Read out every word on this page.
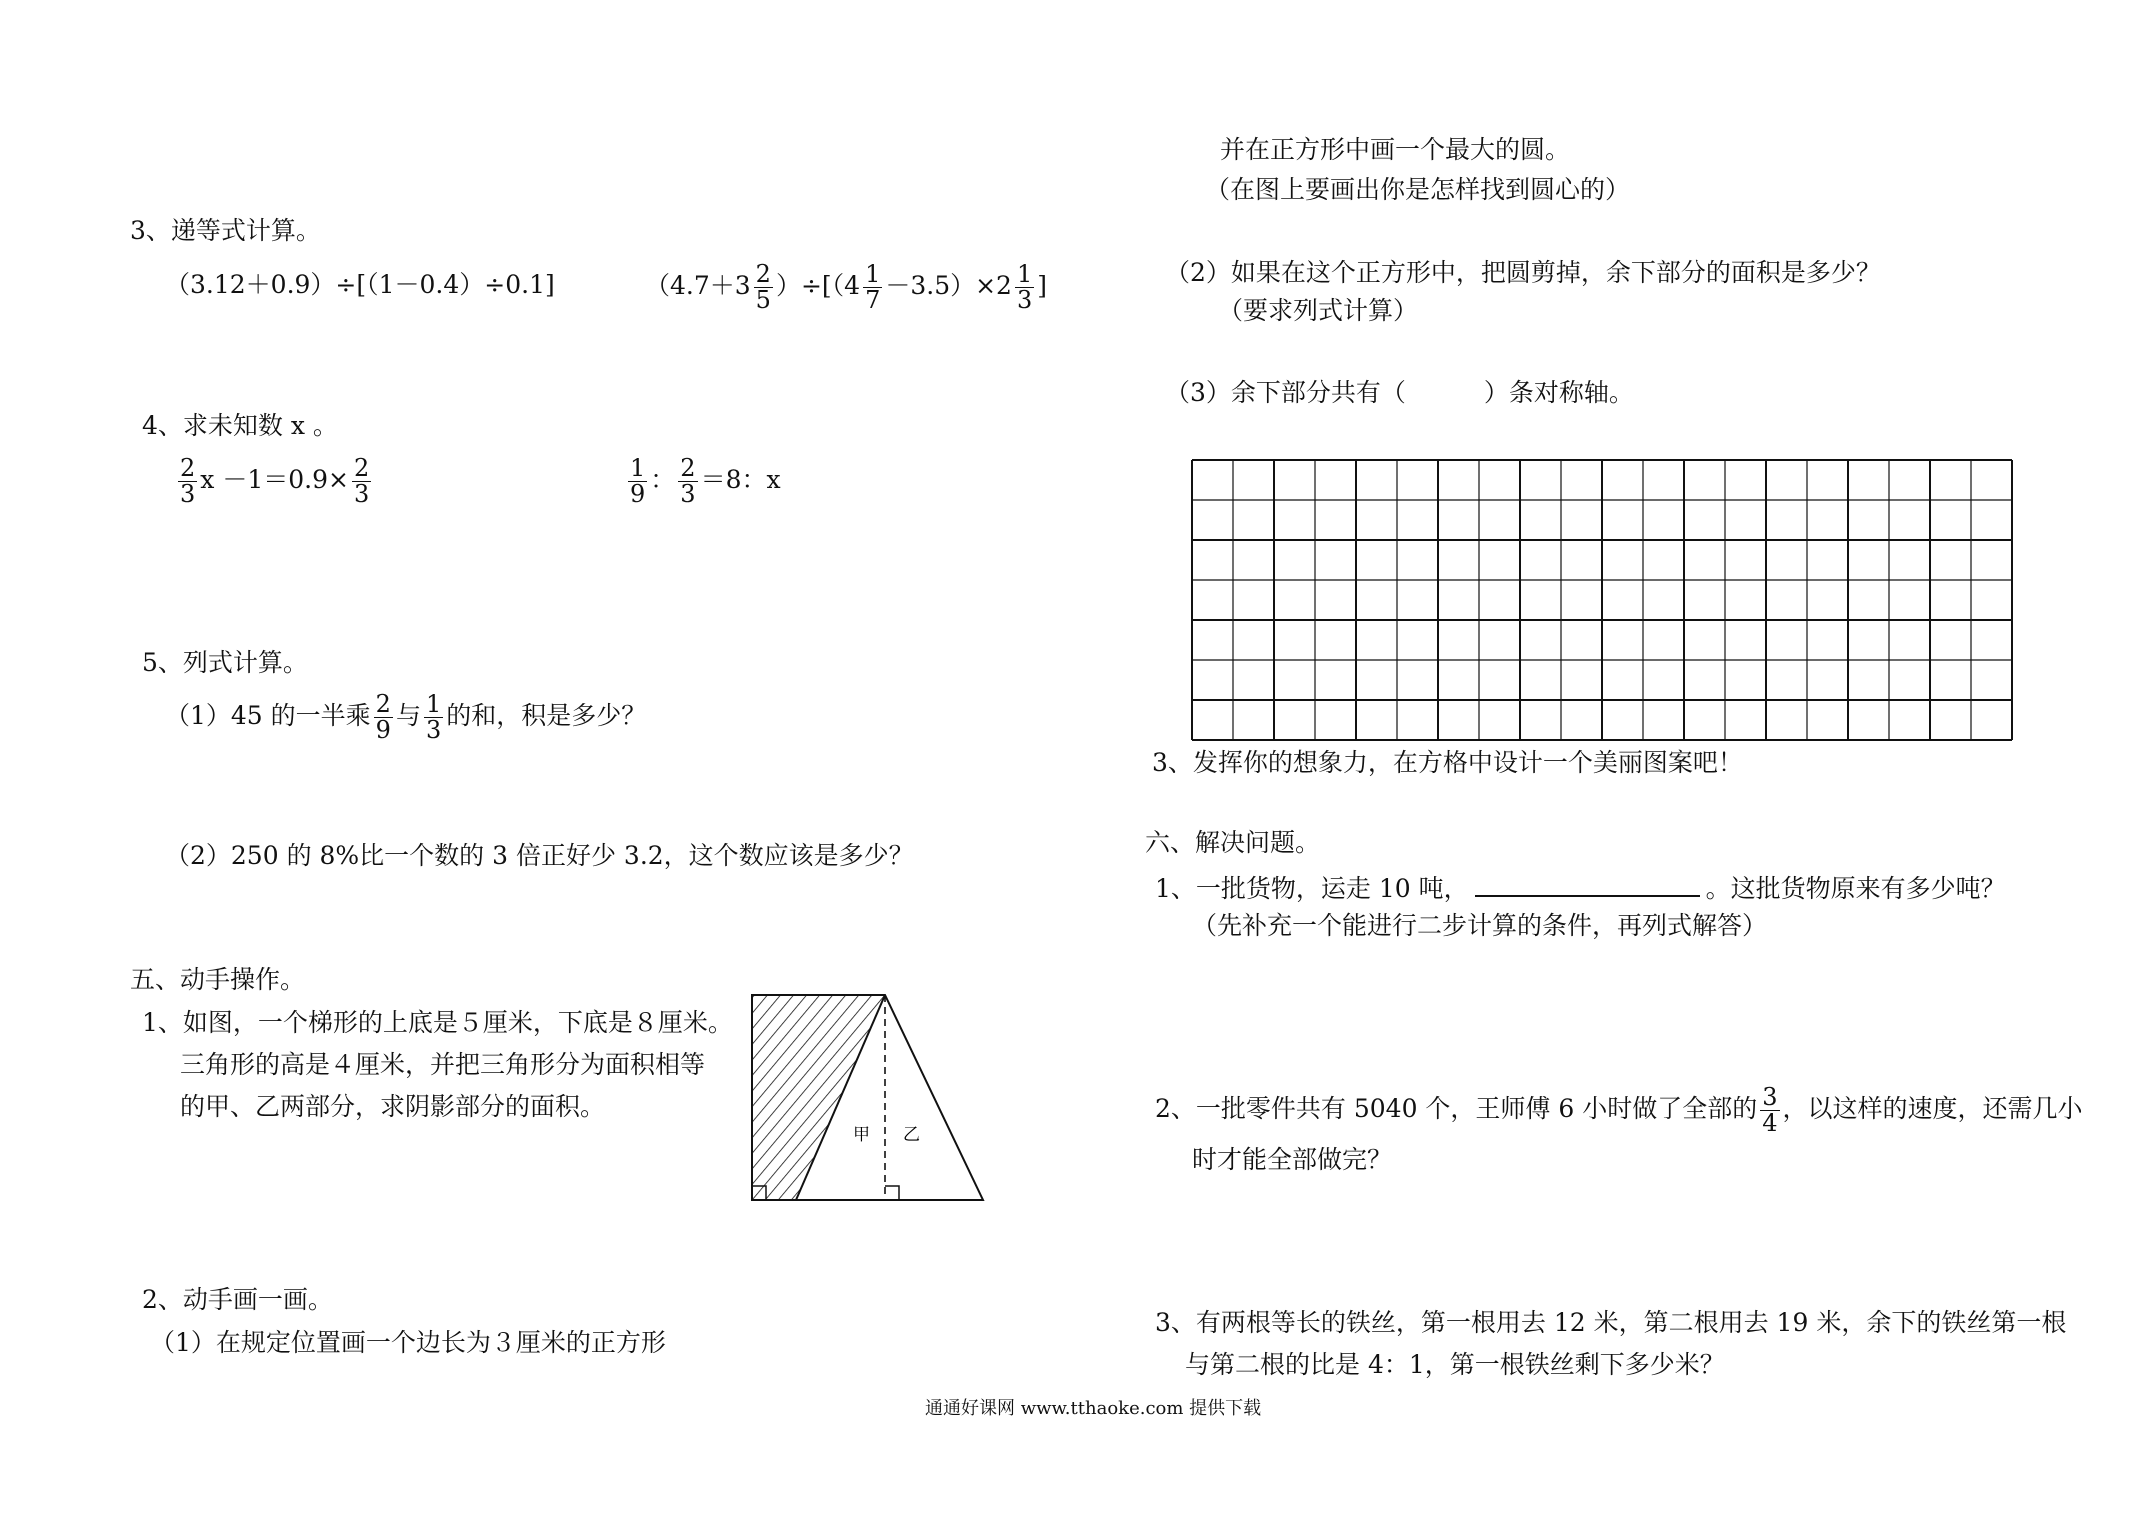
3、递等式计算。
（3.12＋0.9）÷[（1－0.4）÷0.1]	$(4.7+3 \frac{2}{5} )\div[(4 \frac{1}{7} -3.5)\times 2 \frac{1}{3}$ ]
4、求未知数 x 。
$\frac{2}{3}$ $x -1=0.9\times \frac{2}{3}$	$\frac{1}{9}$ ： $\frac{2}{3} =8$：x
5、列式计算。
（1）45 的一半乘 $\frac{2}{9}$ 与 $\frac{1}{3}$ 的和，积是多少？
（2）250 的 8%比一个数的 3 倍正好少 3.2，这个数应该是多少？
五、动手操作。
1、如图，一个梯形的上底是５厘米，下底是８厘米。
三角形的高是４厘米，并把三角形分为面积相等
的甲、乙两部分，求阴影部分的面积。
甲 乙
2、动手画一画。
（1）在规定位置画一个边长为３厘米的正方形
并在正方形中画一个最大的圆。
（在图上要画出你是怎样找到圆心的）
（2）如果在这个正方形中，把圆剪掉，余下部分的面积是多少？
（要求列式计算）
（3）余下部分共有（	）条对称轴。
3、发挥你的想象力，在方格中设计一个美丽图案吧！
六、解决问题。
1、一批货物，运走 10 吨，	。这批货物原来有多少吨？
（先补充一个能进行二步计算的条件，再列式解答）
2、一批零件共有 5040 个，王师傅 6 小时做了全部的 $\frac{3}{4}$ ，以这样的速度，还需几小
时才能全部做完？
3、有两根等长的铁丝，第一根用去 12 米，第二根用去 19 米，余下的铁丝第一根
与第二根的比是 4：1，第一根铁丝剩下多少米？
通通好课网 www.tthaoke.com 提供下载
